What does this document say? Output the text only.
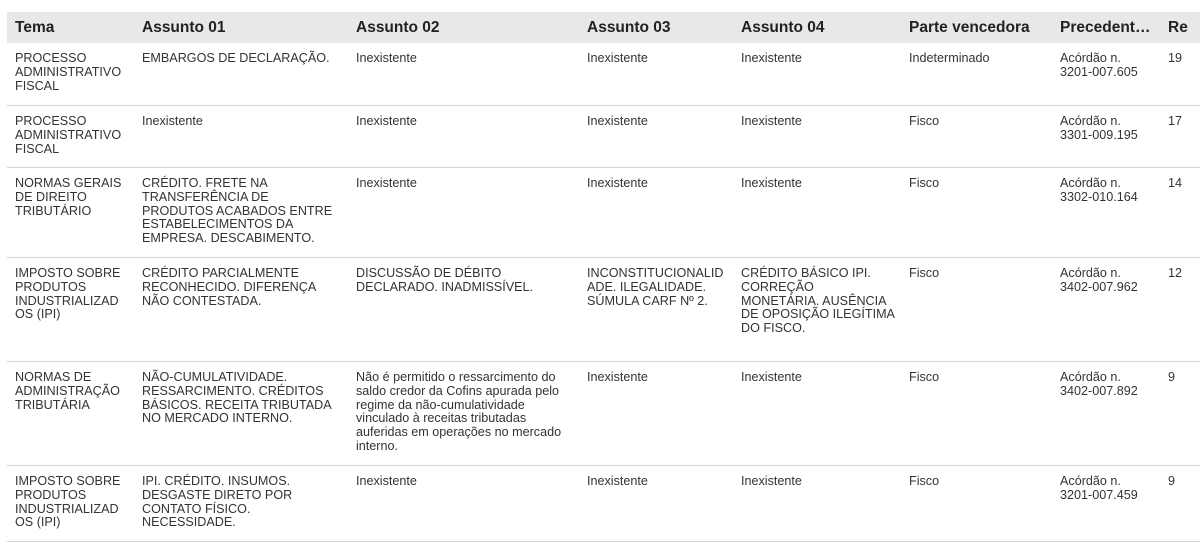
Tema	Assunto 01	Assunto 02	Assunto 03	Assunto 04	Parte vencedora	Precedent…	Re
PROCESSO ADMINISTRATIVO FISCAL	EMBARGOS DE DECLARAÇÃO.	Inexistente	Inexistente	Inexistente	Indeterminado	Acórdão n. 3201-007.605	19
PROCESSO ADMINISTRATIVO FISCAL	Inexistente	Inexistente	Inexistente	Inexistente	Fisco	Acórdão n. 3301-009.195	17
NORMAS GERAIS DE DIREITO TRIBUTÁRIO	CRÉDITO. FRETE NA TRANSFERÊNCIA DE PRODUTOS ACABADOS ENTRE ESTABELECIMENTOS DA EMPRESA. DESCABIMENTO.	Inexistente	Inexistente	Inexistente	Fisco	Acórdão n. 3302-010.164	14
IMPOSTO SOBRE PRODUTOS INDUSTRIALIZADOS (IPI)	CRÉDITO PARCIALMENTE RECONHECIDO. DIFERENÇA NÃO CONTESTADA.	DISCUSSÃO DE DÉBITO DECLARADO. INADMISSÍVEL.	INCONSTITUCIONALIDADE. ILEGALIDADE. SÚMULA CARF Nº 2.	CRÉDITO BÁSICO IPI. CORREÇÃO MONETÁRIA. AUSÊNCIA DE OPOSIÇÃO ILEGÍTIMA DO FISCO.	Fisco	Acórdão n. 3402-007.962	12
NORMAS DE ADMINISTRAÇÃO TRIBUTÁRIA	NÃO-CUMULATIVIDADE. RESSARCIMENTO. CRÉDITOS BÁSICOS. RECEITA TRIBUTADA NO MERCADO INTERNO.	Não é permitido o ressarcimento do saldo credor da Cofins apurada pelo regime da não-cumulatividade vinculado à receitas tributadas auferidas em operações no mercado interno.	Inexistente	Inexistente	Fisco	Acórdão n. 3402-007.892	9
IMPOSTO SOBRE PRODUTOS INDUSTRIALIZADOS (IPI)	IPI. CRÉDITO. INSUMOS. DESGASTE DIRETO POR CONTATO FÍSICO. NECESSIDADE.	Inexistente	Inexistente	Inexistente	Fisco	Acórdão n. 3201-007.459	9
